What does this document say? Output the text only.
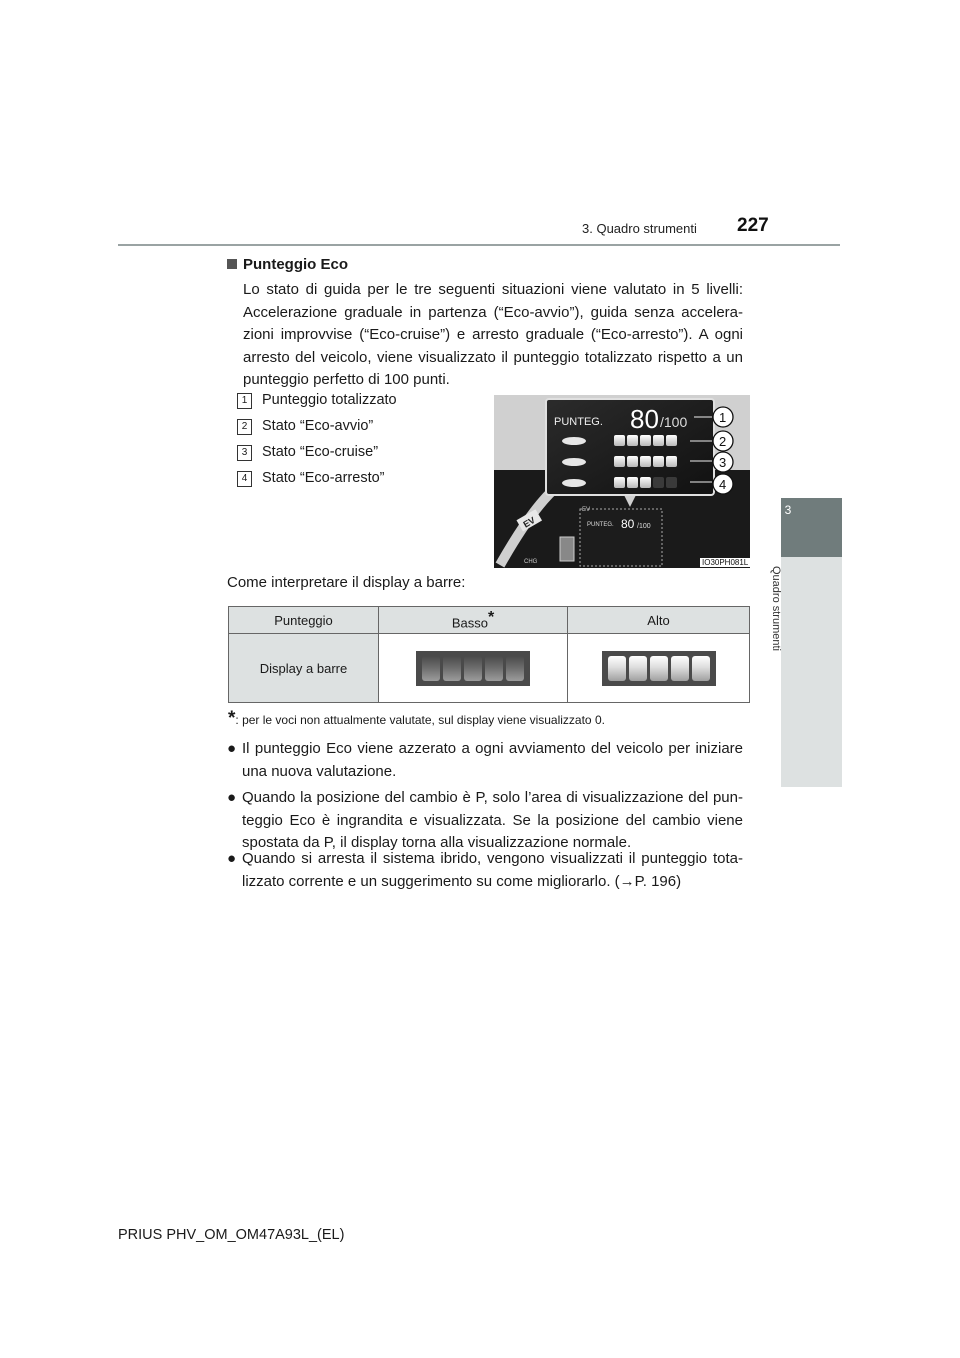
3. Quadro strumenti 227
3
Quadro strumenti
Punteggio Eco
Lo stato di guida per le tre seguenti situazioni viene valutato in 5 livelli: Accelerazione graduale in partenza (“Eco-avvio”), guida senza accelera-zioni improvvise (“Eco-cruise”) e arresto graduale (“Eco-arresto”). A ogni arresto del veicolo, viene visualizzato il punteggio totalizzato rispetto a un punteggio perfetto di 100 punti.
1 Punteggio totalizzato
2 Stato “Eco-avvio”
3 Stato “Eco-cruise”
4 Stato “Eco-arresto”
EV	PUNTEG. 80 /100
EV
CHG
PUNTEG. 80 /100 1
2
3
4
IO30PH081L
Come interpretare il display a barre:
Punteggio	Basso*	Alto
Display a barre	

*: per le voci non attualmente valutate, sul display viene visualizzato 0.
● Il punteggio Eco viene azzerato a ogni avviamento del veicolo per iniziare una nuova valutazione.
● Quando la posizione del cambio è P, solo l’area di visualizzazione del pun-teggio Eco è ingrandita e visualizzata. Se la posizione del cambio viene spostata da P, il display torna alla visualizzazione normale.
● Quando si arresta il sistema ibrido, vengono visualizzati il punteggio tota-lizzato corrente e un suggerimento su come migliorarlo. (→P. 196)
PRIUS PHV_OM_OM47A93L_(EL)
